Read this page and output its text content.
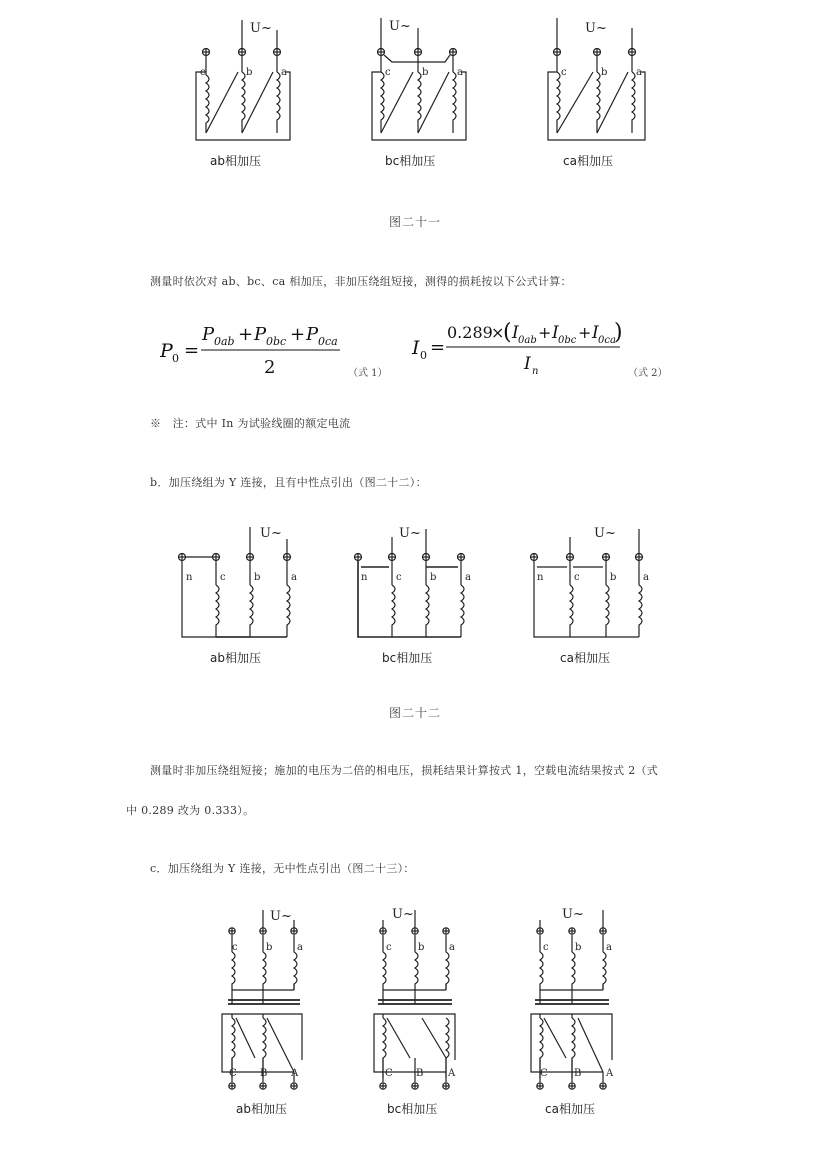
U~
c	b	a
ab相加压
U~
c	b	a
bc相加压
U~
c	b	a
ca相加压
图二十一
测量时依次对 ab、bc、ca 相加压，非加压绕组短接，测得的损耗按以下公式计算：
P 0 =
P 0ab + P 0bc + P 0ca
2	（式 1）
I 0 =
0.289
×
( I 0ab + I 0bc + I 0ca
)
I n	（式 2）
※　注：式中 In 为试验线圈的额定电流
b．加压绕组为 Y 连接，且有中性点引出（图二十二）：
U~
n	c	b	a
ab相加压
U~
n	c	b	a
bc相加压
U~
n	c	b	a
ca相加压
图二十二
测量时非加压绕组短接；施加的电压为二倍的相电压，损耗结果计算按式 1，空载电流结果按式 2（式
中 0.289 改为 0.333）。
c．加压绕组为 Y 连接，无中性点引出（图二十三）：
U~
c	b a
C B A
ab相加压
U~
c	b a
C B A
bc相加压
U~
c	b a
C	B A
ca相加压
